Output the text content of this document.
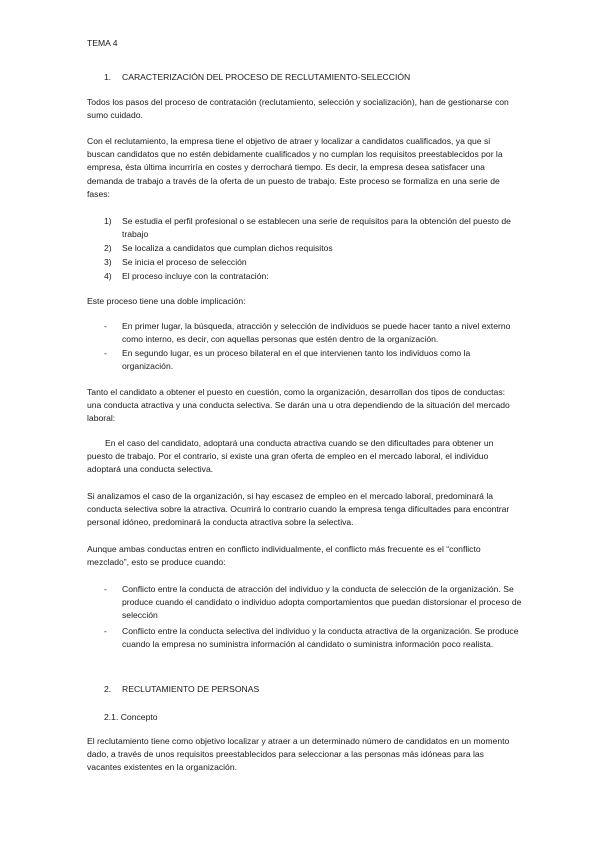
TEMA 4

1. CARACTERIZACIÓN DEL PROCESO DE RECLUTAMIENTO-SELECCIÓN

Todos los pasos del proceso de contratación (reclutamiento, selección y socialización), han de gestionarse con sumo cuidado.

Con el reclutamiento, la empresa tiene el objetivo de atraer y localizar a candidatos cualificados, ya que si buscan candidatos que no estén debidamente cualificados y no cumplan los requisitos preestablecidos por la empresa, ésta última incurriría en costes y derrochará tiempo. Es decir, la empresa desea satisfacer una demanda de trabajo a través de la oferta de un puesto de trabajo. Este proceso se formaliza en una serie de fases:

1) Se estudia el perfil profesional o se establecen una serie de requisitos para la obtención del puesto de trabajo

2) Se localiza a candidatos que cumplan dichos requisitos

3) Se inicia el proceso de selección

4) El proceso incluye con la contratación:

Este proceso tiene una doble implicación:

- En primer lugar, la búsqueda, atracción y selección de individuos se puede hacer tanto a nivel externo como interno, es decir, con aquellas personas que estén dentro de la organización.

- En segundo lugar, es un proceso bilateral en el que intervienen tanto los individuos como la organización.

Tanto el candidato a obtener el puesto en cuestión, como la organización, desarrollan dos tipos de conductas: una conducta atractiva y una conducta selectiva. Se darán una u otra dependiendo de la situación del mercado laboral:

En el caso del candidato, adoptará una conducta atractiva cuando se den dificultades para obtener un puesto de trabajo. Por el contrario, si existe una gran oferta de empleo en el mercado laboral, el individuo adoptará una conducta selectiva.

Si analizamos el caso de la organización, si hay escasez de empleo en el mercado laboral, predominará la conducta selectiva sobre la atractiva. Ocurrirá lo contrario cuando la empresa tenga dificultades para encontrar personal idóneo, predominará la conducta atractiva sobre la selectiva.

Aunque ambas conductas entren en conflicto individualmente, el conflicto más frecuente es el “conflicto mezclado”, esto se produce cuando:

- Conflicto entre la conducta de atracción del individuo y la conducta de selección de la organización. Se produce cuando el candidato o individuo adopta comportamientos que puedan distorsionar el proceso de selección

- Conflicto entre la conducta selectiva del individuo y la conducta atractiva de la organización. Se produce cuando la empresa no suministra información al candidato o suministra información poco realista.

2. RECLUTAMIENTO DE PERSONAS
2.1. Concepto

El reclutamiento tiene como objetivo localizar y atraer a un determinado número de candidatos en un momento dado, a través de unos requisitos preestablecidos para seleccionar a las personas más idóneas para las vacantes existentes en la organización.
